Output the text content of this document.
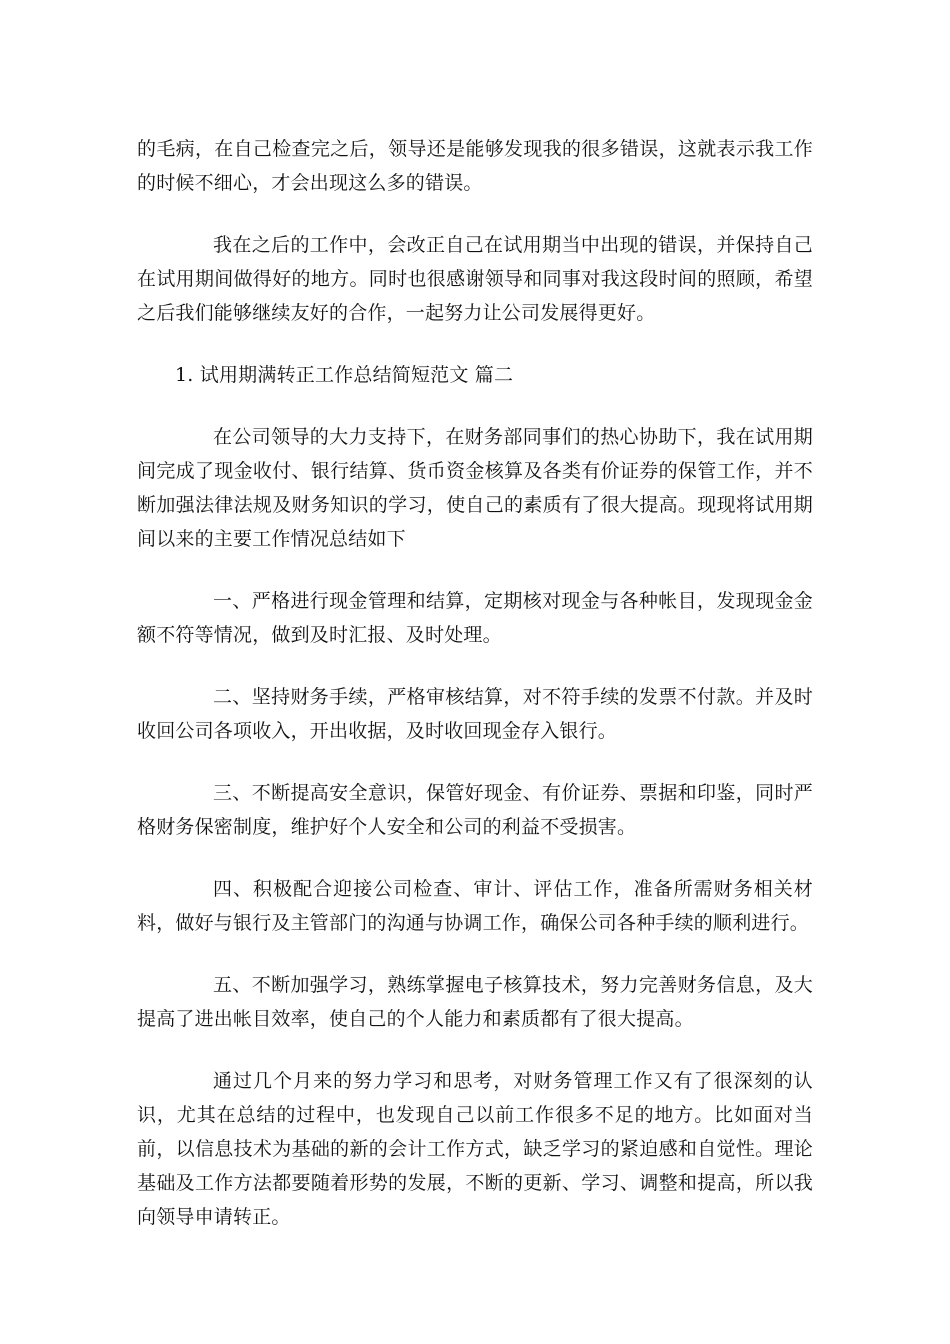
的毛病，在自己检查完之后，领导还是能够发现我的很多错误，这就表示我工作的时候不细心，才会出现这么多的错误。

我在之后的工作中，会改正自己在试用期当中出现的错误，并保持自己在试用期间做得好的地方。同时也很感谢领导和同事对我这段时间的照顾，希望之后我们能够继续友好的合作，一起努力让公司发展得更好。

1. 试用期满转正工作总结简短范文 篇二

在公司领导的大力支持下，在财务部同事们的热心协助下，我在试用期间完成了现金收付、银行结算、货币资金核算及各类有价证券的保管工作，并不断加强法律法规及财务知识的学习，使自己的素质有了很大提高。现现将试用期间以来的主要工作情况总结如下

一、严格进行现金管理和结算，定期核对现金与各种帐目，发现现金金额不符等情况，做到及时汇报、及时处理。

二、坚持财务手续，严格审核结算，对不符手续的发票不付款。并及时收回公司各项收入，开出收据，及时收回现金存入银行。

三、不断提高安全意识，保管好现金、有价证券、票据和印鉴，同时严格财务保密制度，维护好个人安全和公司的利益不受损害。

四、积极配合迎接公司检查、审计、评估工作，准备所需财务相关材料，做好与银行及主管部门的沟通与协调工作，确保公司各种手续的顺利进行。

五、不断加强学习，熟练掌握电子核算技术，努力完善财务信息，及大提高了进出帐目效率，使自己的个人能力和素质都有了很大提高。

通过几个月来的努力学习和思考，对财务管理工作又有了很深刻的认识，尤其在总结的过程中，也发现自己以前工作很多不足的地方。比如面对当前，以信息技术为基础的新的会计工作方式，缺乏学习的紧迫感和自觉性。理论基础及工作方法都要随着形势的发展，不断的更新、学习、调整和提高，所以我向领导申请转正。
